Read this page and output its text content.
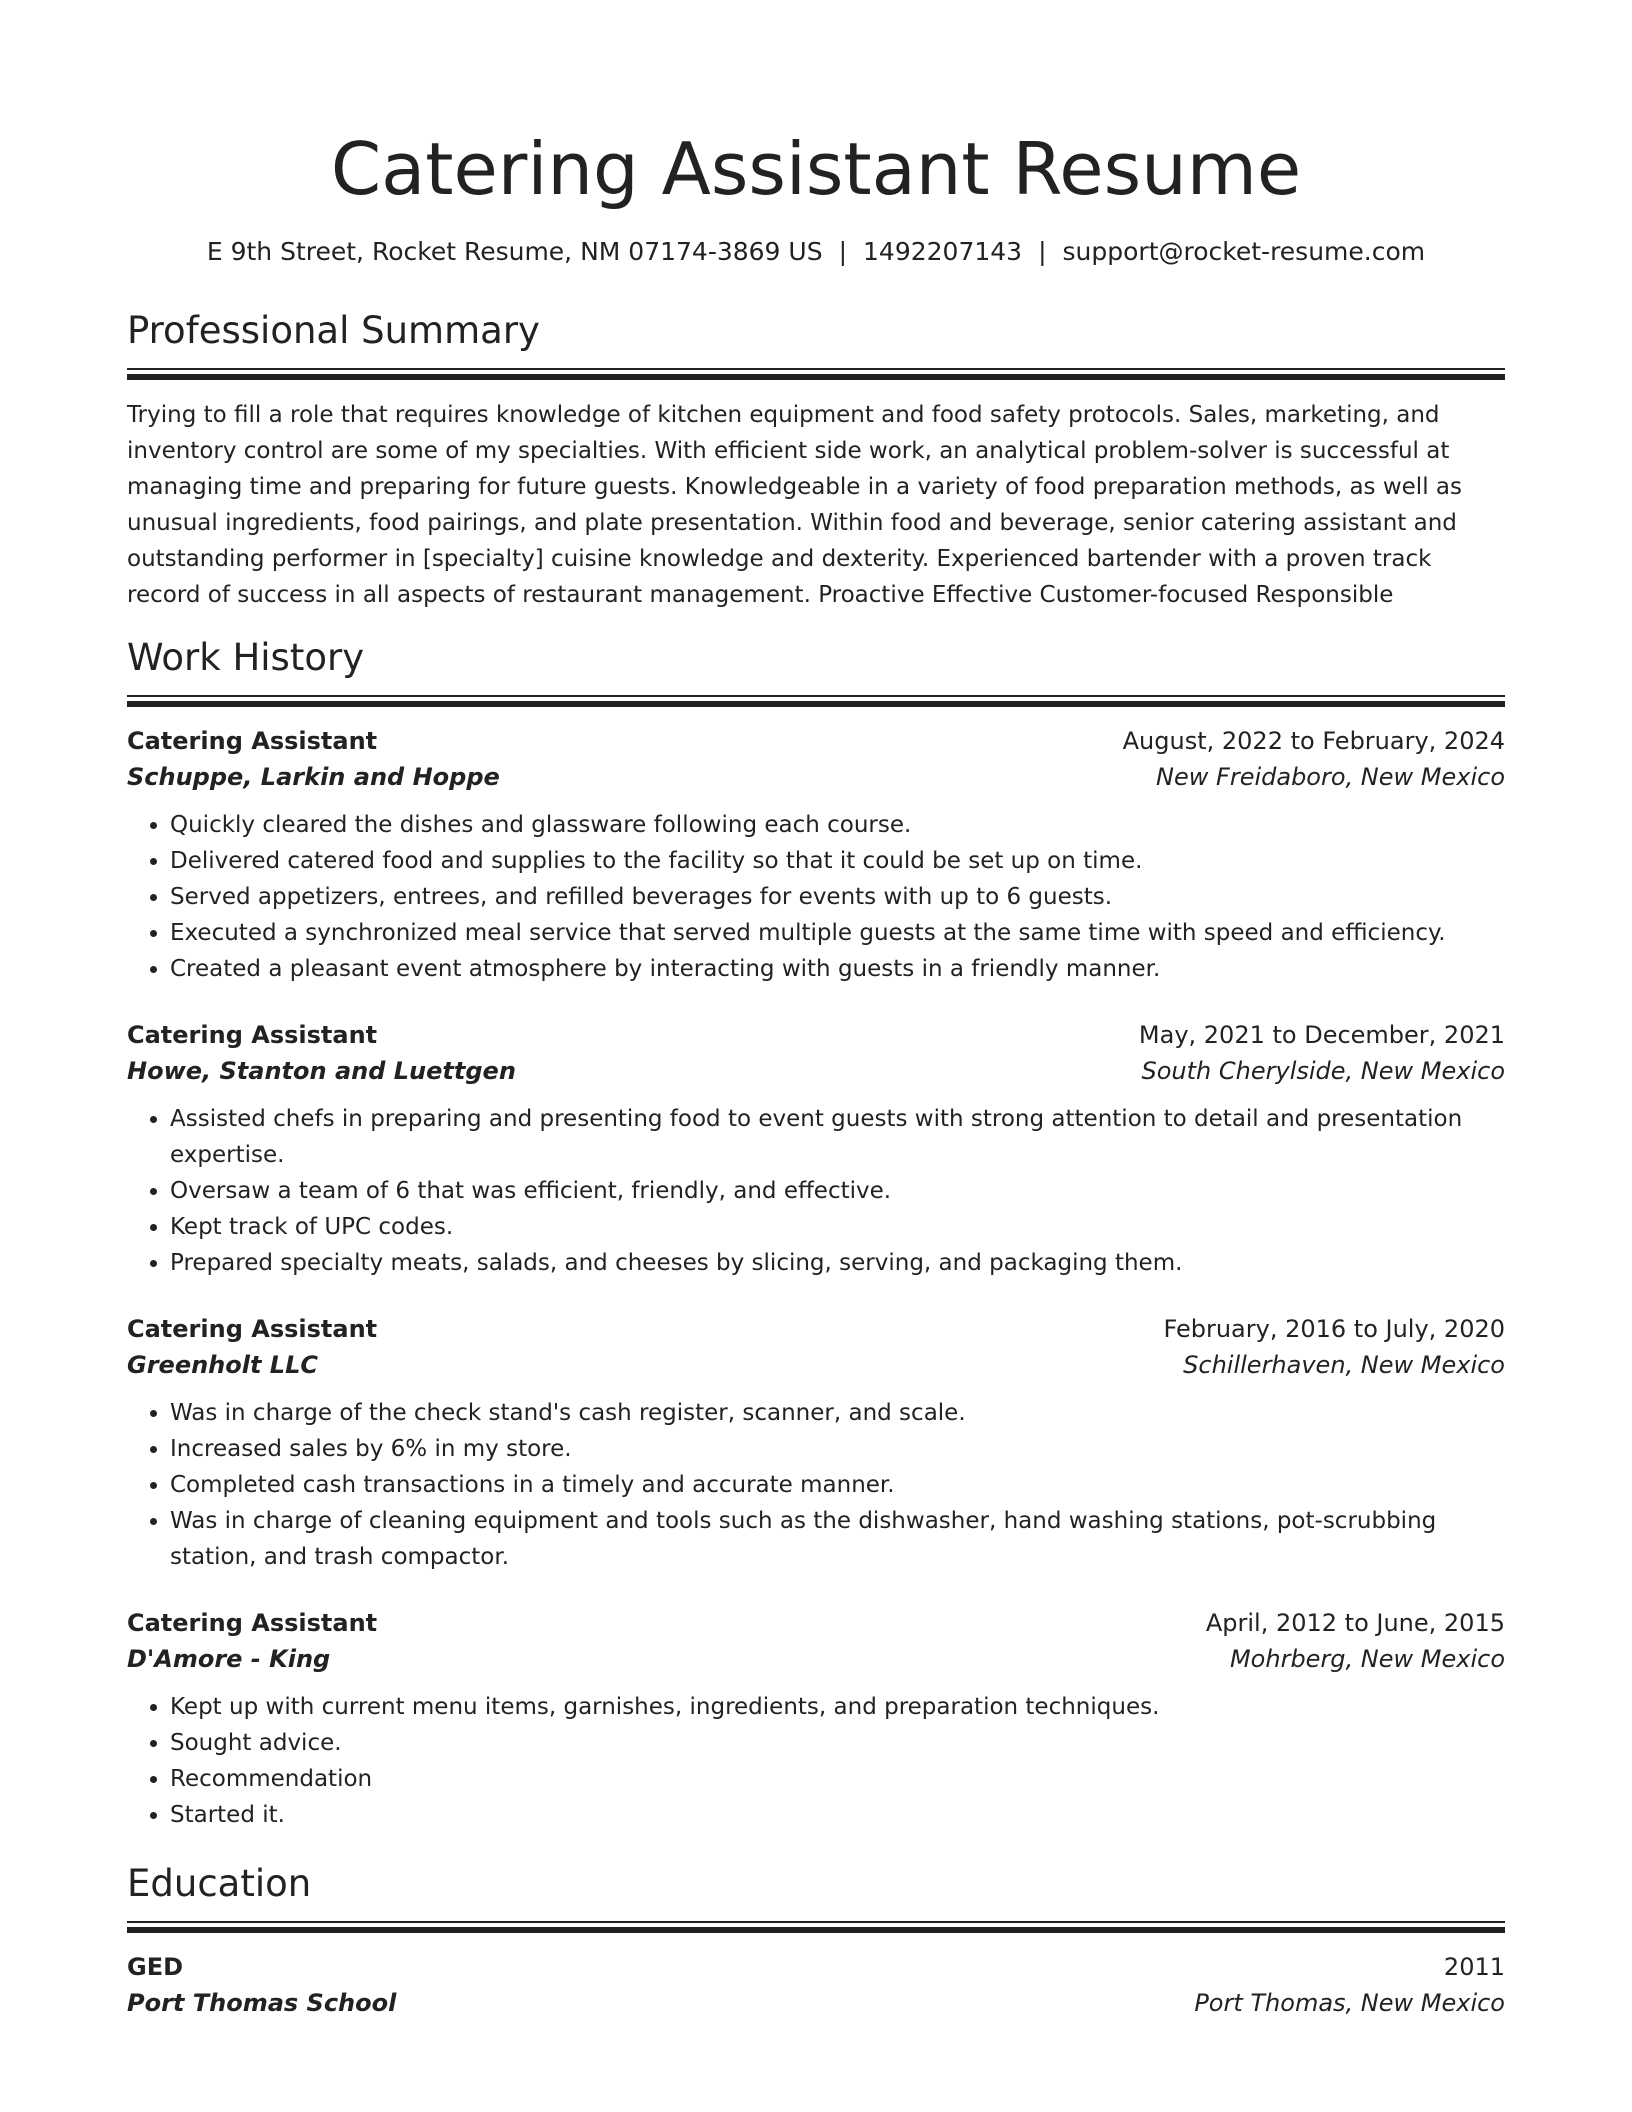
Catering Assistant Resume
E 9th Street, Rocket Resume, NM 07174-3869 US | 1492207143 | support@rocket-resume.com
Professional Summary
Trying to fill a role that requires knowledge of kitchen equipment and food safety protocols. Sales, marketing, and inventory control are some of my specialties. With efficient side work, an analytical problem-solver is successful at managing time and preparing for future guests. Knowledgeable in a variety of food preparation methods, as well as unusual ingredients, food pairings, and plate presentation. Within food and beverage, senior catering assistant and outstanding performer in [specialty] cuisine knowledge and dexterity. Experienced bartender with a proven track record of success in all aspects of restaurant management. Proactive Effective Customer-focused Responsible
Work History
Catering Assistant	August, 2022 to February, 2024
Schuppe, Larkin and Hoppe	New Freidaboro, New Mexico
• Quickly cleared the dishes and glassware following each course.
• Delivered catered food and supplies to the facility so that it could be set up on time.
• Served appetizers, entrees, and refilled beverages for events with up to 6 guests.
• Executed a synchronized meal service that served multiple guests at the same time with speed and efficiency.
• Created a pleasant event atmosphere by interacting with guests in a friendly manner.
Catering Assistant	May, 2021 to December, 2021
Howe, Stanton and Luettgen	South Cherylside, New Mexico
• Assisted chefs in preparing and presenting food to event guests with strong attention to detail and presentation expertise.
• Oversaw a team of 6 that was efficient, friendly, and effective.
• Kept track of UPC codes.
• Prepared specialty meats, salads, and cheeses by slicing, serving, and packaging them.
Catering Assistant	February, 2016 to July, 2020
Greenholt LLC	Schillerhaven, New Mexico
• Was in charge of the check stand's cash register, scanner, and scale.
• Increased sales by 6% in my store.
• Completed cash transactions in a timely and accurate manner.
• Was in charge of cleaning equipment and tools such as the dishwasher, hand washing stations, pot-scrubbing station, and trash compactor.
Catering Assistant	April, 2012 to June, 2015
D'Amore - King	Mohrberg, New Mexico
• Kept up with current menu items, garnishes, ingredients, and preparation techniques.
• Sought advice.
• Recommendation
• Started it.
Education
GED	2011
Port Thomas School	Port Thomas, New Mexico
